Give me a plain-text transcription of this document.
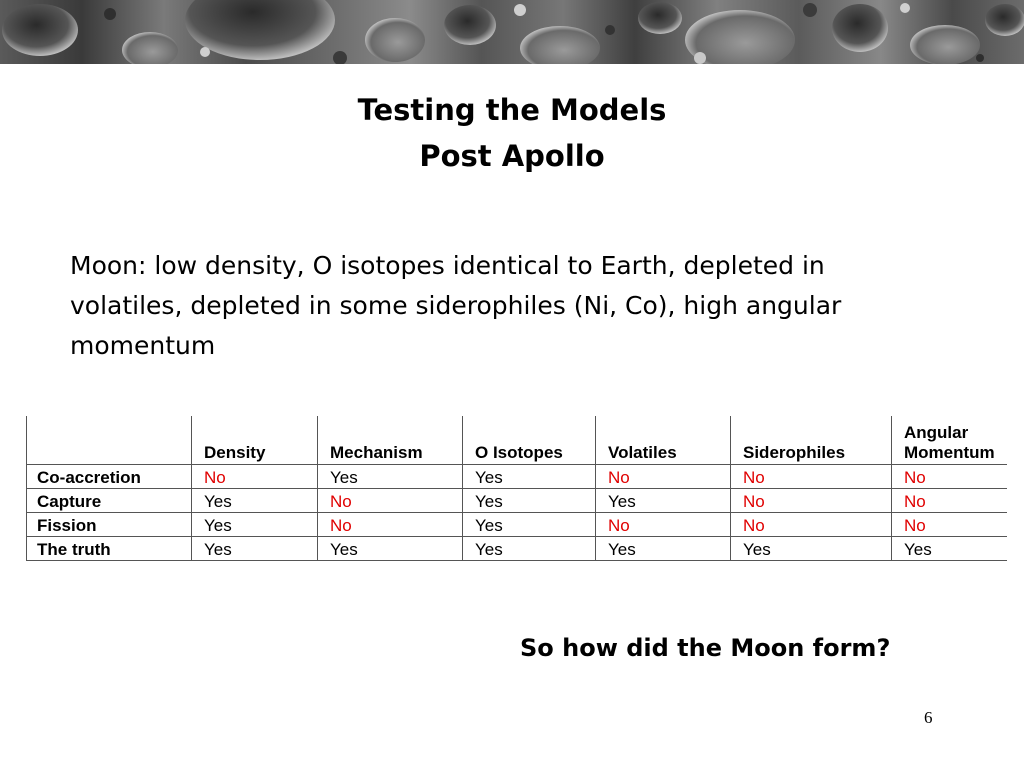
Testing the Models
Post Apollo
Moon: low density, O isotopes identical to Earth, depleted in volatiles, depleted in some siderophiles (Ni, Co), high angular momentum
	Density	Mechanism	O Isotopes	Volatiles	Siderophiles	Angular Momentum
Co-accretion	No	Yes	Yes	No	No	No
Capture	Yes	No	Yes	Yes	No	No
Fission	Yes	No	Yes	No	No	No
The truth	Yes	Yes	Yes	Yes	Yes	Yes
So how did the Moon form?
6
